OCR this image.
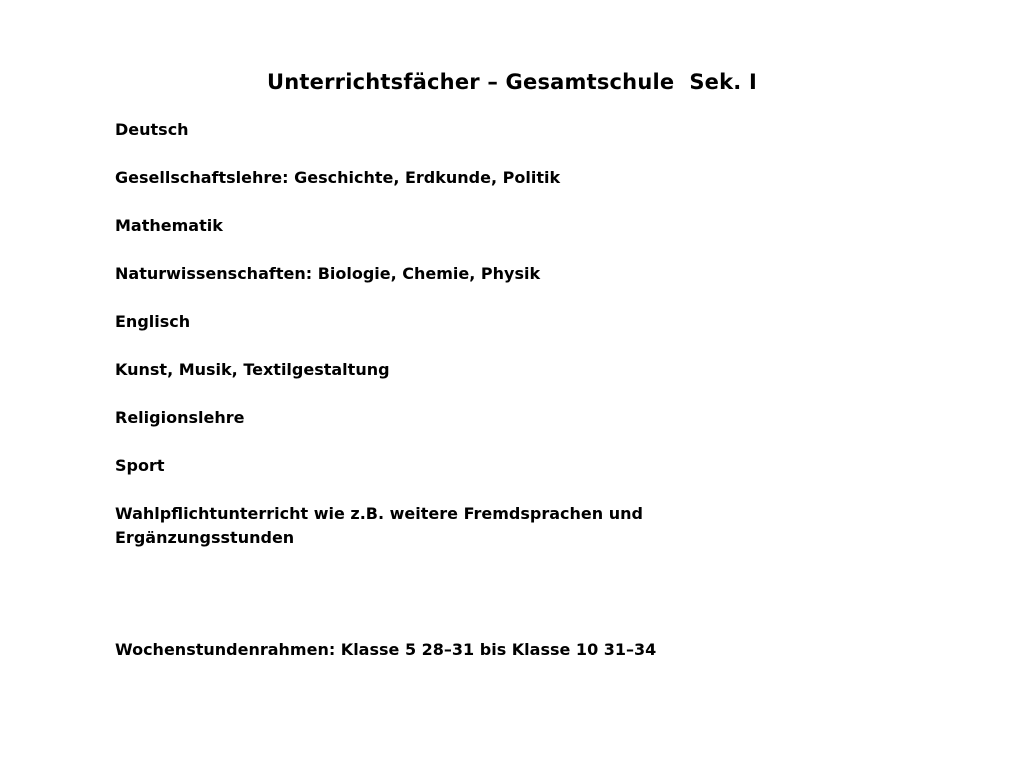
Unterrichtsfächer – Gesamtschule  Sek. I
Deutsch
Gesellschaftslehre: Geschichte, Erdkunde, Politik
Mathematik
Naturwissenschaften: Biologie, Chemie, Physik
Englisch
Kunst, Musik, Textilgestaltung
Religionslehre
Sport
Wahlpflichtunterricht wie z.B. weitere Fremdsprachen und Ergänzungsstunden
Wochenstundenrahmen: Klasse 5 28–31 bis Klasse 10 31–34
